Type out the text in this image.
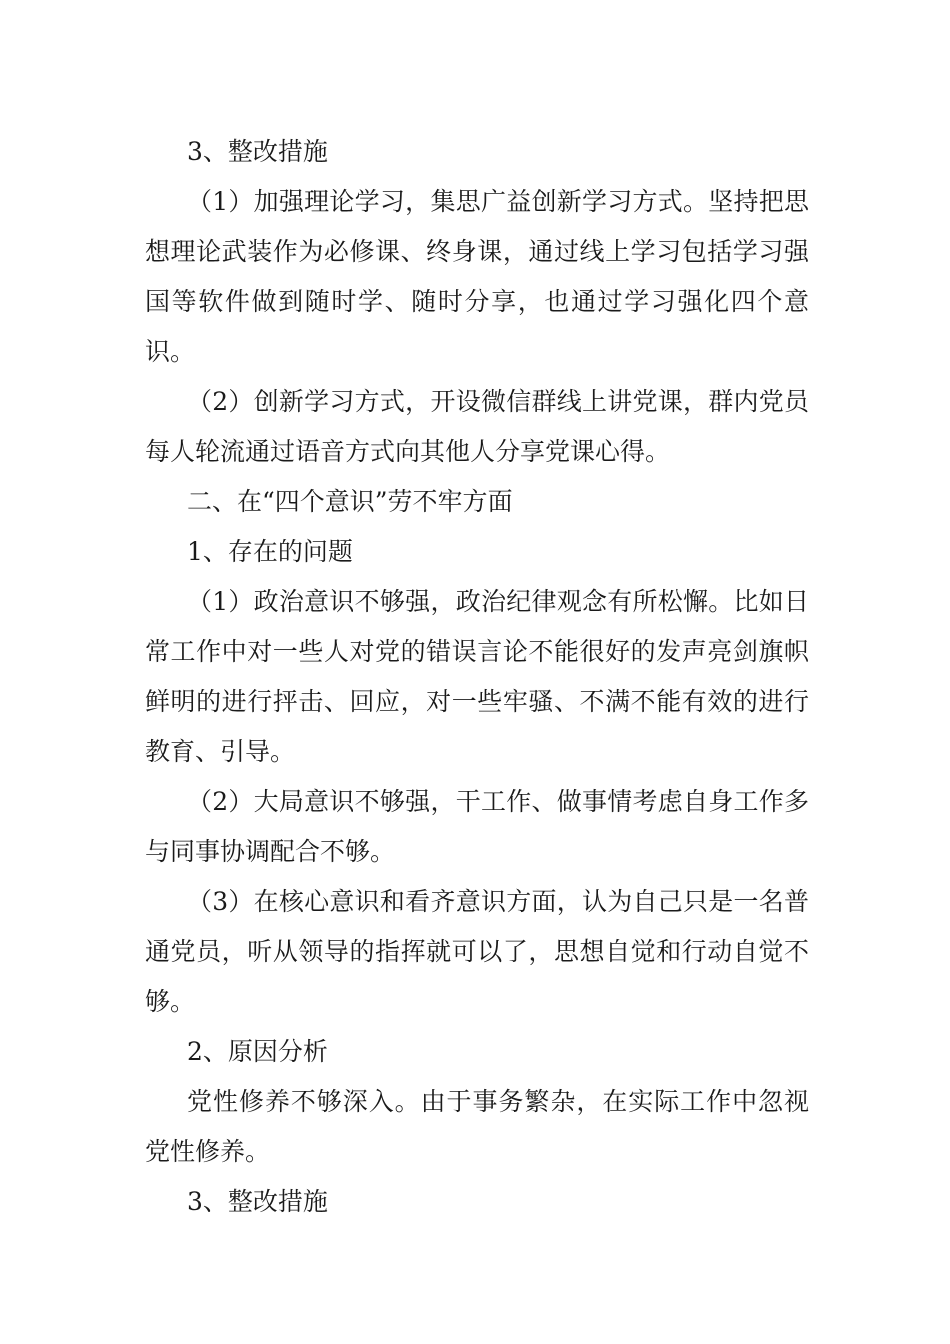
3、整改措施

（1）加强理论学习，集思广益创新学习方式。坚持把思想理论武装作为必修课、终身课，通过线上学习包括学习强国等软件做到随时学、随时分享，也通过学习强化四个意识。

（2）创新学习方式，开设微信群线上讲党课，群内党员每人轮流通过语音方式向其他人分享党课心得。

二、在“四个意识”劳不牢方面

1、存在的问题

（1）政治意识不够强，政治纪律观念有所松懈。比如日常工作中对一些人对党的错误言论不能很好的发声亮剑旗帜鲜明的进行抨击、回应，对一些牢骚、不满不能有效的进行教育、引导。

（2）大局意识不够强，干工作、做事情考虑自身工作多与同事协调配合不够。

（3）在核心意识和看齐意识方面，认为自己只是一名普通党员，听从领导的指挥就可以了，思想自觉和行动自觉不够。

2、原因分析

党性修养不够深入。由于事务繁杂，在实际工作中忽视党性修养。

3、整改措施
